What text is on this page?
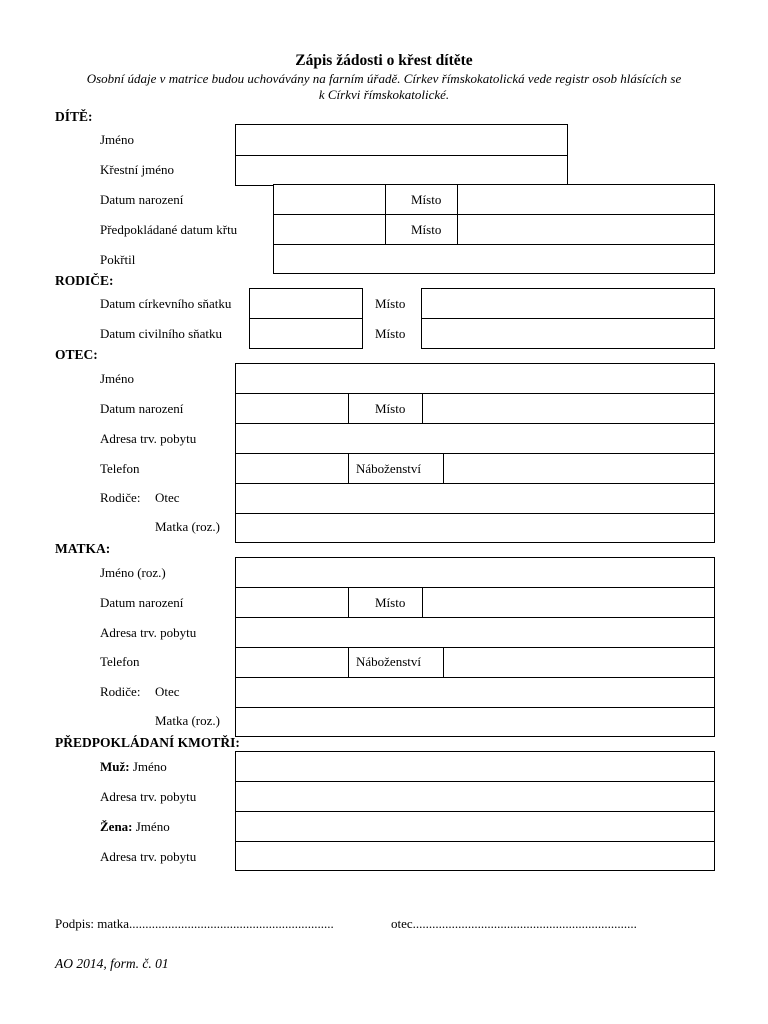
Zápis žádosti o křest dítěte
Osobní údaje v matrice budou uchovávány na farním úřadě. Církev římskokatolická vede registr osob hlásících se
k Církvi římskokatolické.
DÍTĚ:
Jméno
Křestní jméno
Datum narození	Místo
Předpokládané datum křtu	Místo
Pokřtil
RODIČE:
Datum církevního sňatku	Místo
Datum civilního sňatku	Místo
OTEC:
Jméno
Datum narození	Místo
Adresa trv. pobytu
Telefon	Náboženství
Rodiče: Otec
Matka (roz.)
MATKA:
Jméno (roz.)
Datum narození	Místo
Adresa trv. pobytu
Telefon	Náboženství
Rodiče: Otec
Matka (roz.)
PŘEDPOKLÁDANÍ KMOTŘI:
Muž: Jméno
Adresa trv. pobytu
Žena: Jméno
Adresa trv. pobytu
Podpis: matka...............................................................	otec.....................................................................
AO 2014, form. č. 01
